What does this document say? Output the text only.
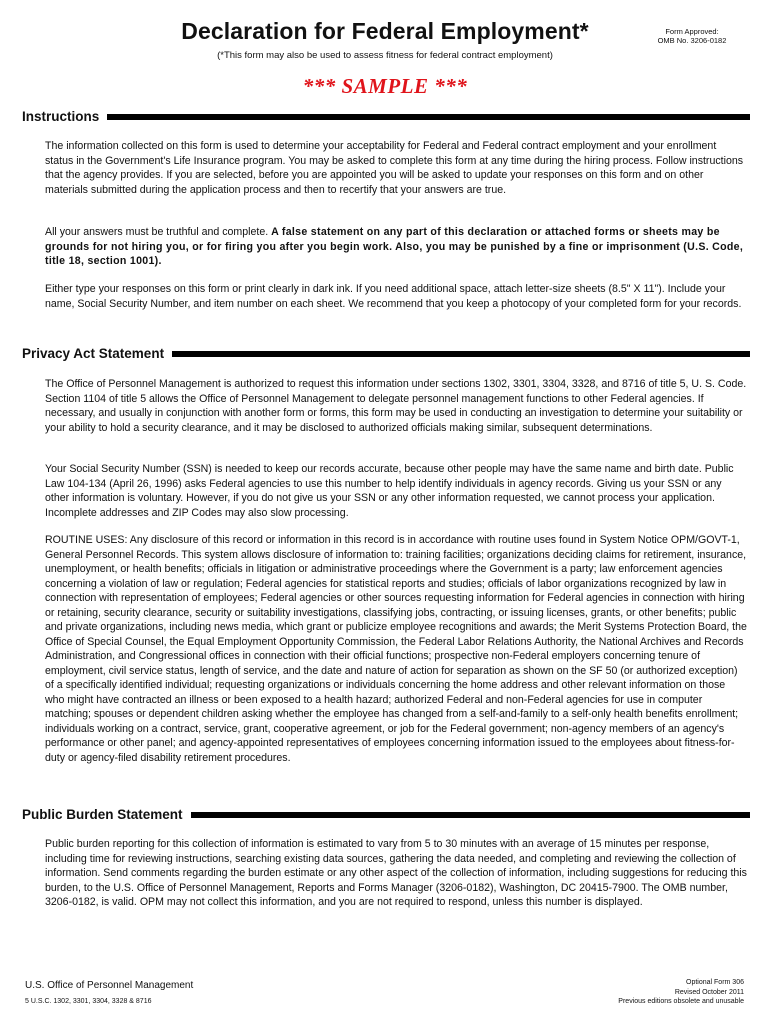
Declaration for Federal Employment*
(*This form may also be used to assess fitness for federal contract employment)
Form Approved:
OMB No. 3206-0182
*** SAMPLE ***
Instructions

The information collected on this form is used to determine your acceptability for Federal and Federal contract employment and your enrollment status in the Government's Life Insurance program. You may be asked to complete this form at any time during the hiring process. Follow instructions that the agency provides. If you are selected, before you are appointed you will be asked to update your responses on this form and on other materials submitted during the application process and then to recertify that your answers are true.

All your answers must be truthful and complete. A false statement on any part of this declaration or attached forms or sheets may be grounds for not hiring you, or for firing you after you begin work. Also, you may be punished by a fine or imprisonment (U.S. Code, title 18, section 1001).

Either type your responses on this form or print clearly in dark ink. If you need additional space, attach letter-size sheets (8.5" X 11"). Include your name, Social Security Number, and item number on each sheet. We recommend that you keep a photocopy of your completed form for your records.

Privacy Act Statement

The Office of Personnel Management is authorized to request this information under sections 1302, 3301, 3304, 3328, and 8716 of title 5, U. S. Code. Section 1104 of title 5 allows the Office of Personnel Management to delegate personnel management functions to other Federal agencies. If necessary, and usually in conjunction with another form or forms, this form may be used in conducting an investigation to determine your suitability or your ability to hold a security clearance, and it may be disclosed to authorized officials making similar, subsequent determinations.

Your Social Security Number (SSN) is needed to keep our records accurate, because other people may have the same name and birth date. Public Law 104-134 (April 26, 1996) asks Federal agencies to use this number to help identify individuals in agency records. Giving us your SSN or any other information is voluntary. However, if you do not give us your SSN or any other information requested, we cannot process your application. Incomplete addresses and ZIP Codes may also slow processing.

ROUTINE USES: Any disclosure of this record or information in this record is in accordance with routine uses found in System Notice OPM/GOVT-1, General Personnel Records. This system allows disclosure of information to: training facilities; organizations deciding claims for retirement, insurance, unemployment, or health benefits; officials in litigation or administrative proceedings where the Government is a party; law enforcement agencies concerning a violation of law or regulation; Federal agencies for statistical reports and studies; officials of labor organizations recognized by law in connection with representation of employees; Federal agencies or other sources requesting information for Federal agencies in connection with hiring or retaining, security clearance, security or suitability investigations, classifying jobs, contracting, or issuing licenses, grants, or other benefits; public and private organizations, including news media, which grant or publicize employee recognitions and awards; the Merit Systems Protection Board, the Office of Special Counsel, the Equal Employment Opportunity Commission, the Federal Labor Relations Authority, the National Archives and Records Administration, and Congressional offices in connection with their official functions; prospective non-Federal employers concerning tenure of employment, civil service status, length of service, and the date and nature of action for separation as shown on the SF 50 (or authorized exception) of a specifically identified individual; requesting organizations or individuals concerning the home address and other relevant information on those who might have contracted an illness or been exposed to a health hazard; authorized Federal and non-Federal agencies for use in computer matching; spouses or dependent children asking whether the employee has changed from a self-and-family to a self-only health benefits enrollment; individuals working on a contract, service, grant, cooperative agreement, or job for the Federal government; non-agency members of an agency's performance or other panel; and agency-appointed representatives of employees concerning information issued to the employees about fitness-for-duty or agency-filed disability retirement procedures.

Public Burden Statement

Public burden reporting for this collection of information is estimated to vary from 5 to 30 minutes with an average of 15 minutes per response, including time for reviewing instructions, searching existing data sources, gathering the data needed, and completing and reviewing the collection of information. Send comments regarding the burden estimate or any other aspect of the collection of information, including suggestions for reducing this burden, to the U.S. Office of Personnel Management, Reports and Forms Manager (3206-0182), Washington, DC 20415-7900. The OMB number, 3206-0182, is valid. OPM may not collect this information, and you are not required to respond, unless this number is displayed.

U.S. Office of Personnel Management
5 U.S.C. 1302, 3301, 3304, 3328 & 8716
Optional Form 306
Revised October 2011
Previous editions obsolete and unusable
